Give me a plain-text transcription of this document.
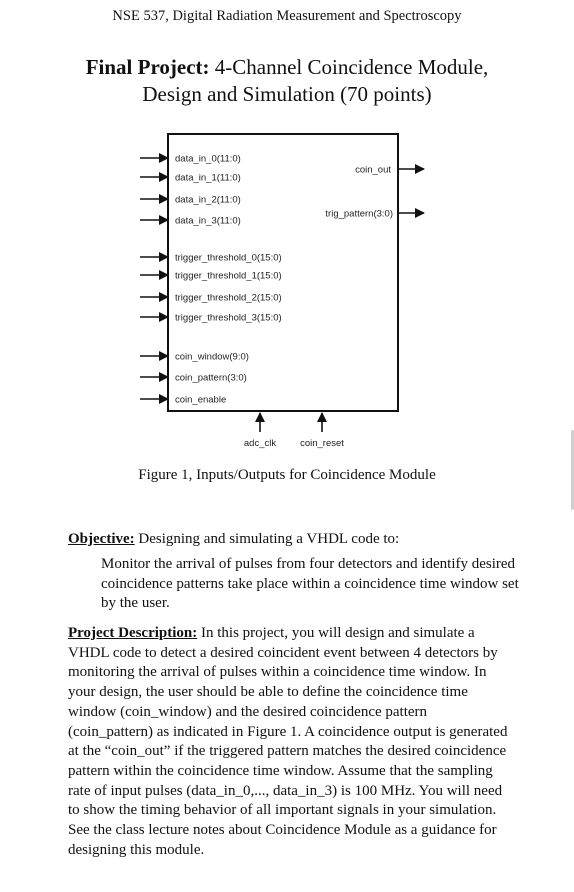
NSE 537, Digital Radiation Measurement and Spectroscopy
Final Project: 4-Channel Coincidence Module,
Design and Simulation (70 points)
data_in_0(11:0)
data_in_1(11:0)
data_in_2(11:0)
data_in_3(11:0)
trigger_threshold_0(15:0)
trigger_threshold_1(15:0)
trigger_threshold_2(15:0)
trigger_threshold_3(15:0)
coin_window(9:0)
coin_pattern(3:0)
coin_enable
coin_out
trig_pattern(3:0)
adc_clk	coin_reset
Figure 1, Inputs/Outputs for Coincidence Module
Objective: Designing and simulating a VHDL code to:
Monitor the arrival of pulses from four detectors and identify desired coincidence patterns take place within a coincidence time window set by the user.
Project Description: In this project, you will design and simulate a VHDL code to detect a desired coincident event between 4 detectors by monitoring the arrival of pulses within a coincidence time window. In your design, the user should be able to define the coincidence time window (coin_window) and the desired coincidence pattern (coin_pattern) as indicated in Figure 1. A coincidence output is generated at the “coin_out” if the triggered pattern matches the desired coincidence pattern within the coincidence time window. Assume that the sampling rate of input pulses (data_in_0,..., data_in_3) is 100 MHz. You will need to show the timing behavior of all important signals in your simulation. See the class lecture notes about Coincidence Module as a guidance for designing this module.
